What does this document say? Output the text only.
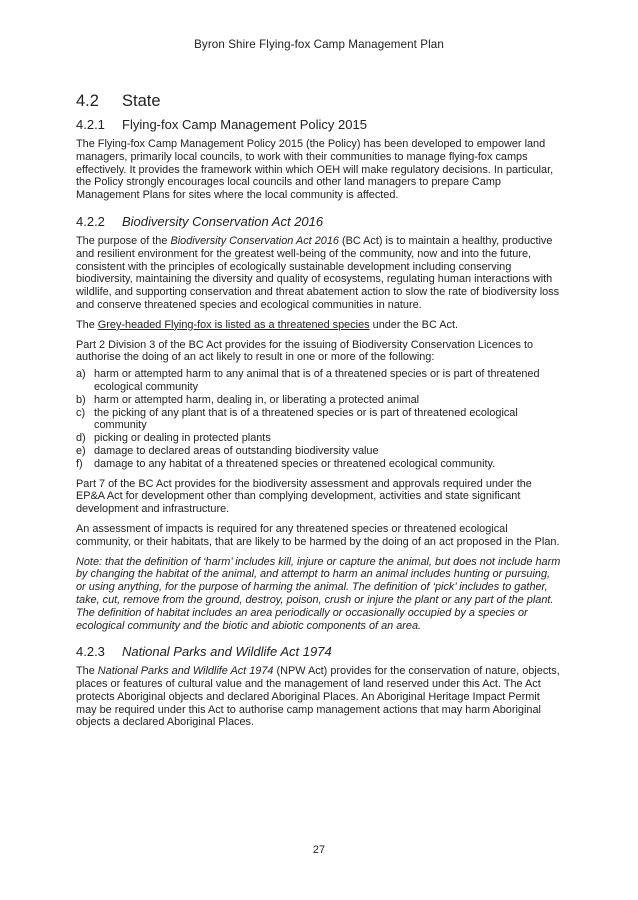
Byron Shire Flying-fox Camp Management Plan
4.2	State
4.2.1	Flying-fox Camp Management Policy 2015

The Flying-fox Camp Management Policy 2015 (the Policy) has been developed to empower land managers, primarily local councils, to work with their communities to manage flying-fox camps effectively. It provides the framework within which OEH will make regulatory decisions. In particular, the Policy strongly encourages local councils and other land managers to prepare Camp Management Plans for sites where the local community is affected.

4.2.2	Biodiversity Conservation Act 2016

The purpose of the Biodiversity Conservation Act 2016 (BC Act) is to maintain a healthy, productive and resilient environment for the greatest well-being of the community, now and into the future, consistent with the principles of ecologically sustainable development including conserving biodiversity, maintaining the diversity and quality of ecosystems, regulating human interactions with wildlife, and supporting conservation and threat abatement action to slow the rate of biodiversity loss and conserve threatened species and ecological communities in nature.

The Grey-headed Flying-fox is listed as a threatened species under the BC Act.

Part 2 Division 3 of the BC Act provides for the issuing of Biodiversity Conservation Licences to authorise the doing of an act likely to result in one or more of the following:

a) harm or attempted harm to any animal that is of a threatened species or is part of threatened ecological community
b) harm or attempted harm, dealing in, or liberating a protected animal
c) the picking of any plant that is of a threatened species or is part of threatened ecological community
d) picking or dealing in protected plants
e) damage to declared areas of outstanding biodiversity value
f)	damage to any habitat of a threatened species or threatened ecological community.

Part 7 of the BC Act provides for the biodiversity assessment and approvals required under the EP&A Act for development other than complying development, activities and state significant development and infrastructure.

An assessment of impacts is required for any threatened species or threatened ecological community, or their habitats, that are likely to be harmed by the doing of an act proposed in the Plan.

Note: that the definition of ‘harm’ includes kill, injure or capture the animal, but does not include harm by changing the habitat of the animal, and attempt to harm an animal includes hunting or pursuing, or using anything, for the purpose of harming the animal. The definition of ‘pick’ includes to gather, take, cut, remove from the ground, destroy, poison, crush or injure the plant or any part of the plant. The definition of habitat includes an area periodically or occasionally occupied by a species or ecological community and the biotic and abiotic components of an area.

4.2.3	National Parks and Wildlife Act 1974

The National Parks and Wildlife Act 1974 (NPW Act) provides for the conservation of nature, objects, places or features of cultural value and the management of land reserved under this Act. The Act protects Aboriginal objects and declared Aboriginal Places. An Aboriginal Heritage Impact Permit may be required under this Act to authorise camp management actions that may harm Aboriginal objects a declared Aboriginal Places.

27
